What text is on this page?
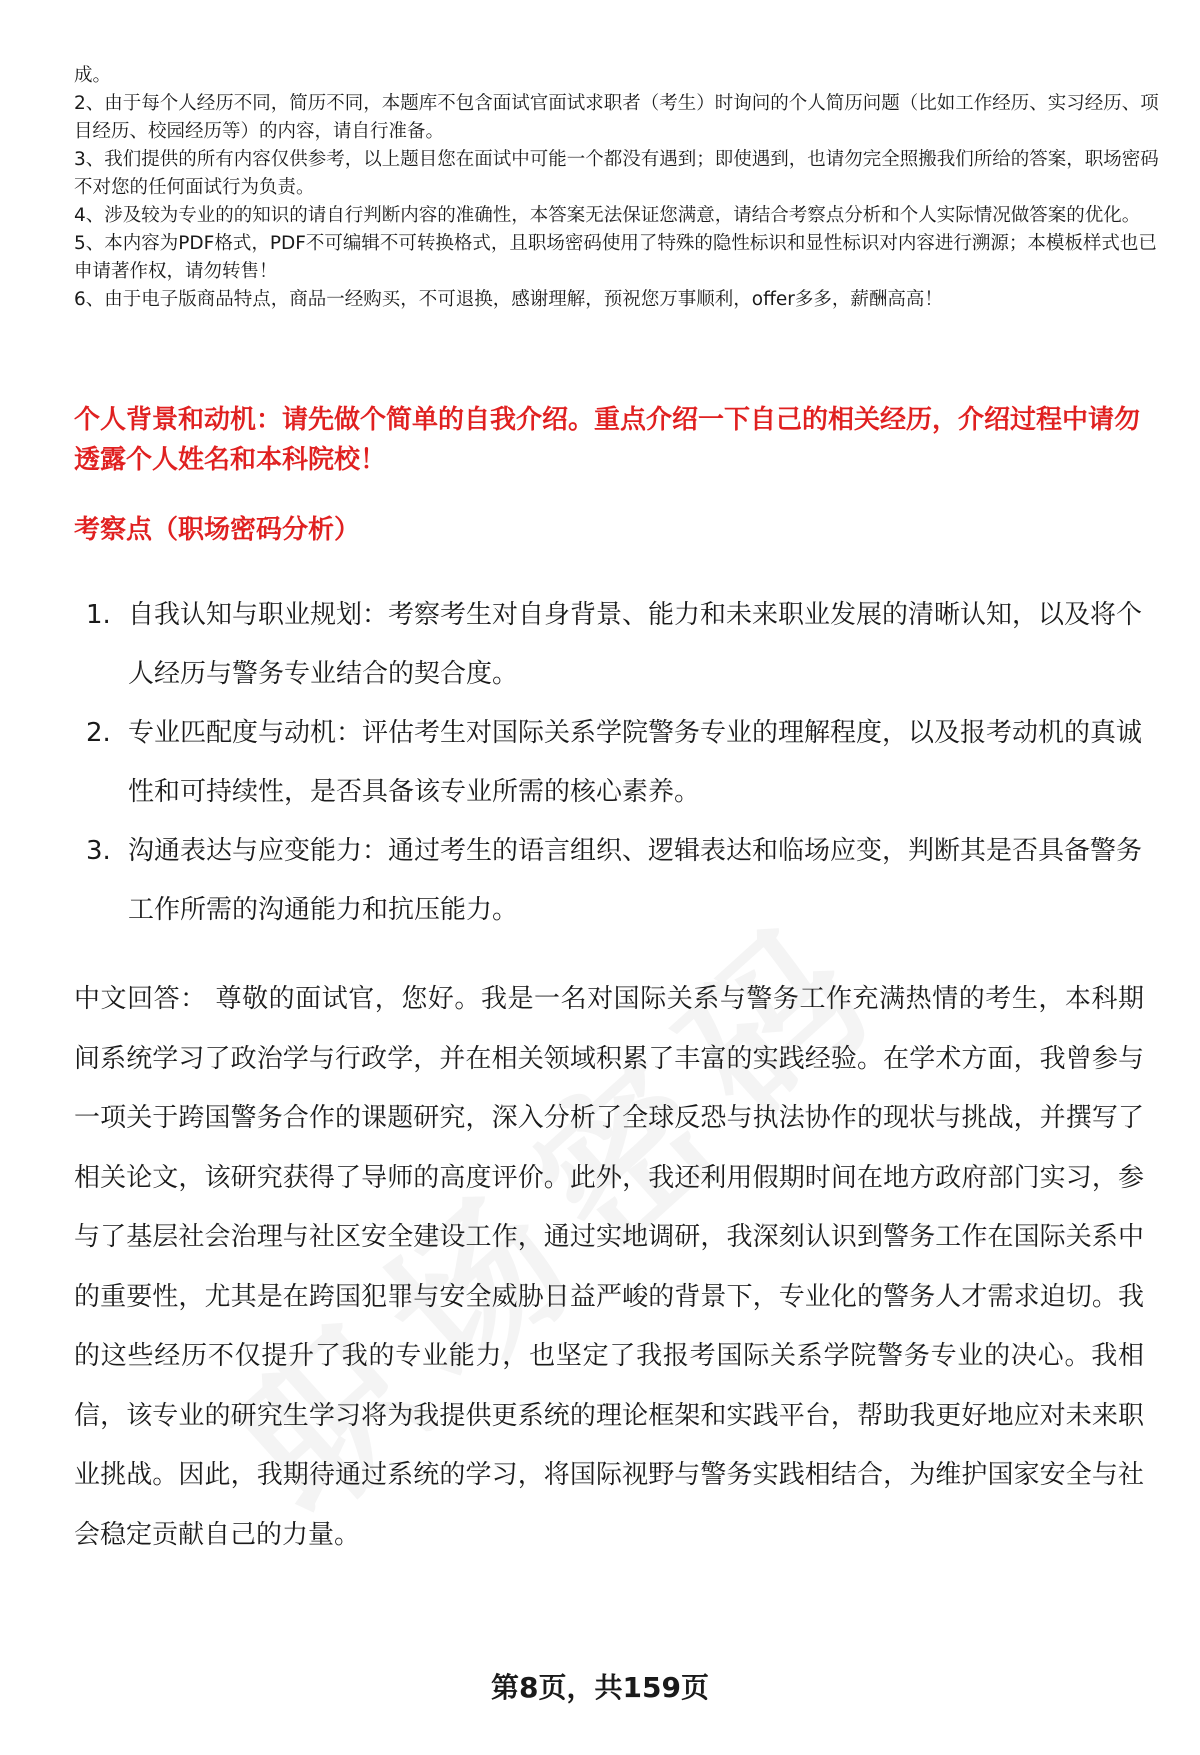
成。

2、由于每个人经历不同，简历不同，本题库不包含面试官面试求职者（考生）时询问的个人简历问题（比如工作经历、实习经历、项目经历、校园经历等）的内容，请自行准备。

3、我们提供的所有内容仅供参考，以上题目您在面试中可能一个都没有遇到；即使遇到，也请勿完全照搬我们所给的答案，职场密码不对您的任何面试行为负责。

4、涉及较为专业的的知识的请自行判断内容的准确性，本答案无法保证您满意，请结合考察点分析和个人实际情况做答案的优化。

5、本内容为PDF格式，PDF不可编辑不可转换格式，且职场密码使用了特殊的隐性标识和显性标识对内容进行溯源；本模板样式也已申请著作权，请勿转售！

6、由于电子版商品特点，商品一经购买，不可退换，感谢理解，预祝您万事顺利，offer多多，薪酬高高！

个人背景和动机：请先做个简单的自我介绍。重点介绍一下自己的相关经历，介绍过程中请勿透露个人姓名和本科院校！
考察点（职场密码分析）
1. 自我认知与职业规划：考察考生对自身背景、能力和未来职业发展的清晰认知，以及将个人经历与警务专业结合的契合度。
2. 专业匹配度与动机：评估考生对国际关系学院警务专业的理解程度，以及报考动机的真诚性和可持续性，是否具备该专业所需的核心素养。
3. 沟通表达与应变能力：通过考生的语言组织、逻辑表达和临场应变，判断其是否具备警务工作所需的沟通能力和抗压能力。

中文回答： 尊敬的面试官，您好。我是一名对国际关系与警务工作充满热情的考生，本科期间系统学习了政治学与行政学，并在相关领域积累了丰富的实践经验。在学术方面，我曾参与一项关于跨国警务合作的课题研究，深入分析了全球反恐与执法协作的现状与挑战，并撰写了相关论文，该研究获得了导师的高度评价。此外，我还利用假期时间在地方政府部门实习，参与了基层社会治理与社区安全建设工作，通过实地调研，我深刻认识到警务工作在国际关系中的重要性，尤其是在跨国犯罪与安全威胁日益严峻的背景下，专业化的警务人才需求迫切。我的这些经历不仅提升了我的专业能力，也坚定了我报考国际关系学院警务专业的决心。我相信，该专业的研究生学习将为我提供更系统的理论框架和实践平台，帮助我更好地应对未来职业挑战。因此，我期待通过系统的学习，将国际视野与警务实践相结合，为维护国家安全与社会稳定贡献自己的力量。

第8页，共159页
